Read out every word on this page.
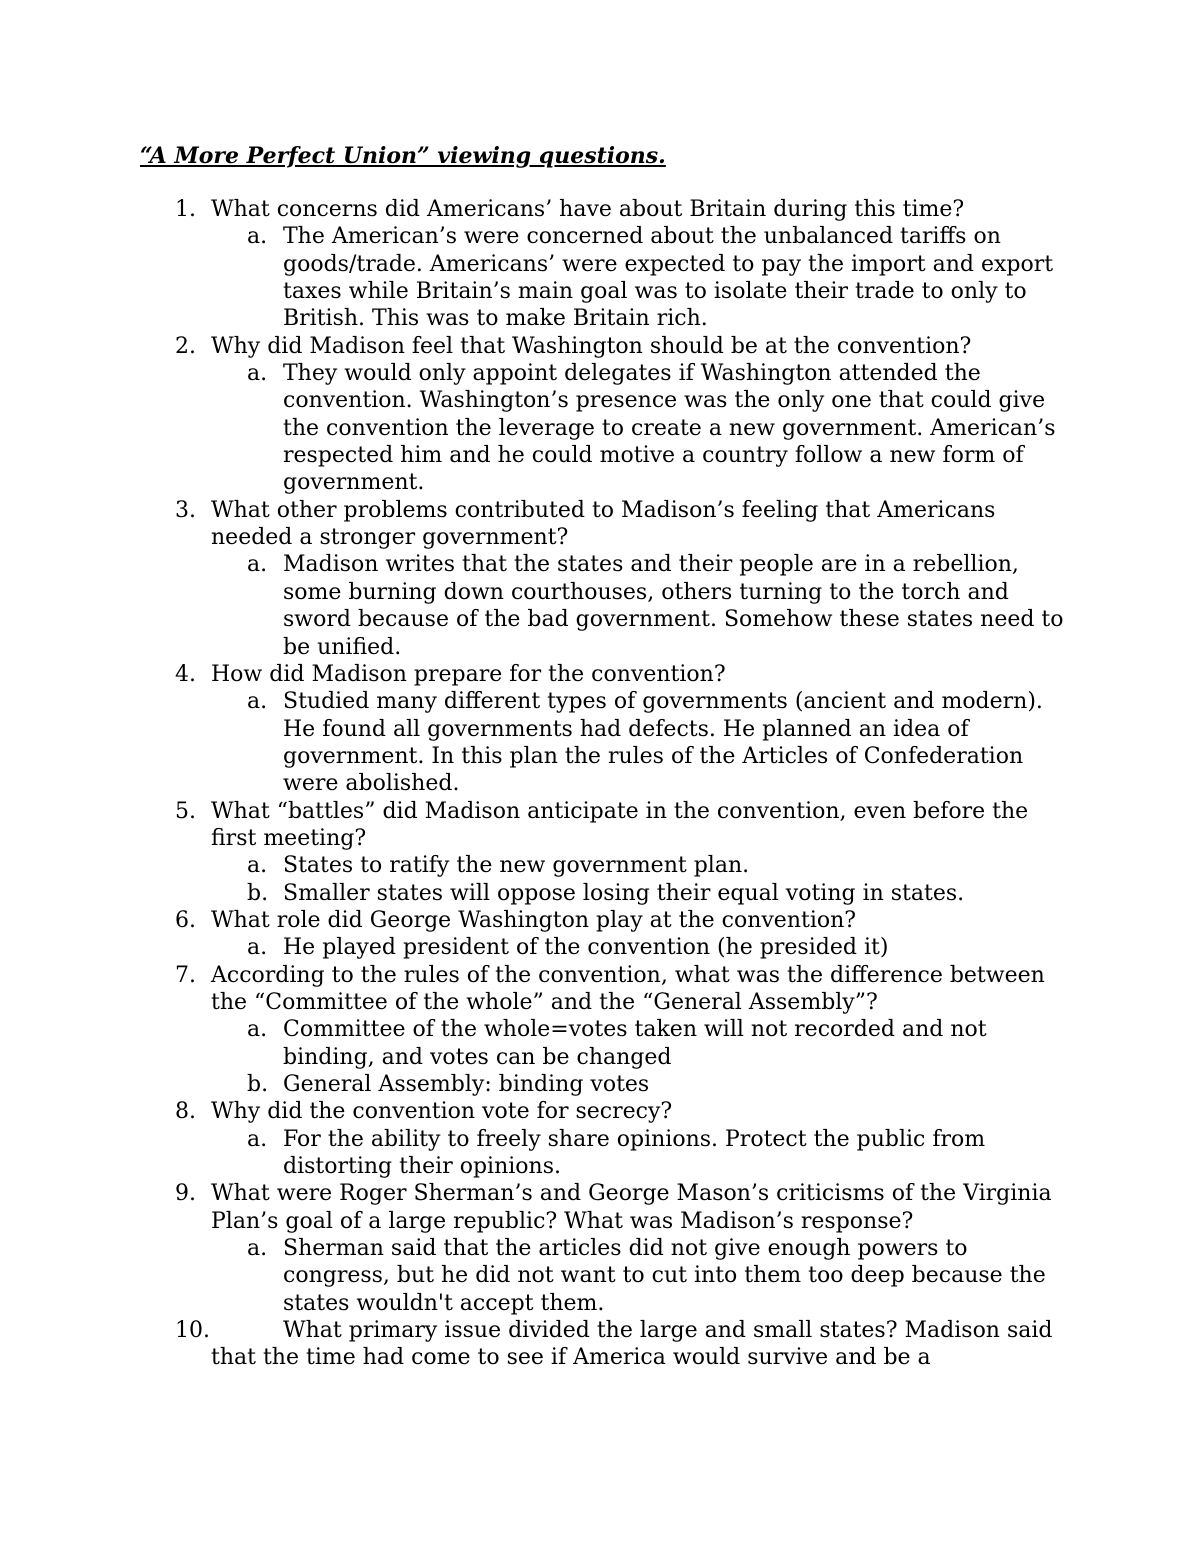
“A More Perfect Union” viewing questions.

1. What concerns did Americans’ have about Britain during this time?
a. The American’s were concerned about the unbalanced tariffs on goods/trade. Americans’ were expected to pay the import and export taxes while Britain’s main goal was to isolate their trade to only to British. This was to make Britain rich.
2. Why did Madison feel that Washington should be at the convention?
a. They would only appoint delegates if Washington attended the convention. Washington’s presence was the only one that could give the convention the leverage to create a new government. American’s respected him and he could motive a country follow a new form of government.
3. What other problems contributed to Madison’s feeling that Americans needed a stronger government?
a. Madison writes that the states and their people are in a rebellion, some burning down courthouses, others turning to the torch and sword because of the bad government. Somehow these states need to be unified.
4. How did Madison prepare for the convention?
a. Studied many different types of governments (ancient and modern). He found all governments had defects. He planned an idea of government. In this plan the rules of the Articles of Confederation were abolished.
5. What “battles” did Madison anticipate in the convention, even before the first meeting?
a. States to ratify the new government plan.
b. Smaller states will oppose losing their equal voting in states.
6. What role did George Washington play at the convention?
a. He played president of the convention (he presided it)
7. According to the rules of the convention, what was the difference between the “Committee of the whole” and the “General Assembly”?
a. Committee of the whole=votes taken will not recorded and not binding, and votes can be changed
b. General Assembly: binding votes
8. Why did the convention vote for secrecy?
a. For the ability to freely share opinions. Protect the public from distorting their opinions.
9. What were Roger Sherman’s and George Mason’s criticisms of the Virginia Plan’s goal of a large republic? What was Madison’s response?
a. Sherman said that the articles did not give enough powers to congress, but he did not want to cut into them too deep because the states wouldn't accept them.
10.	What primary issue divided the large and small states? Madison said that the time had come to see if America would survive and be a
